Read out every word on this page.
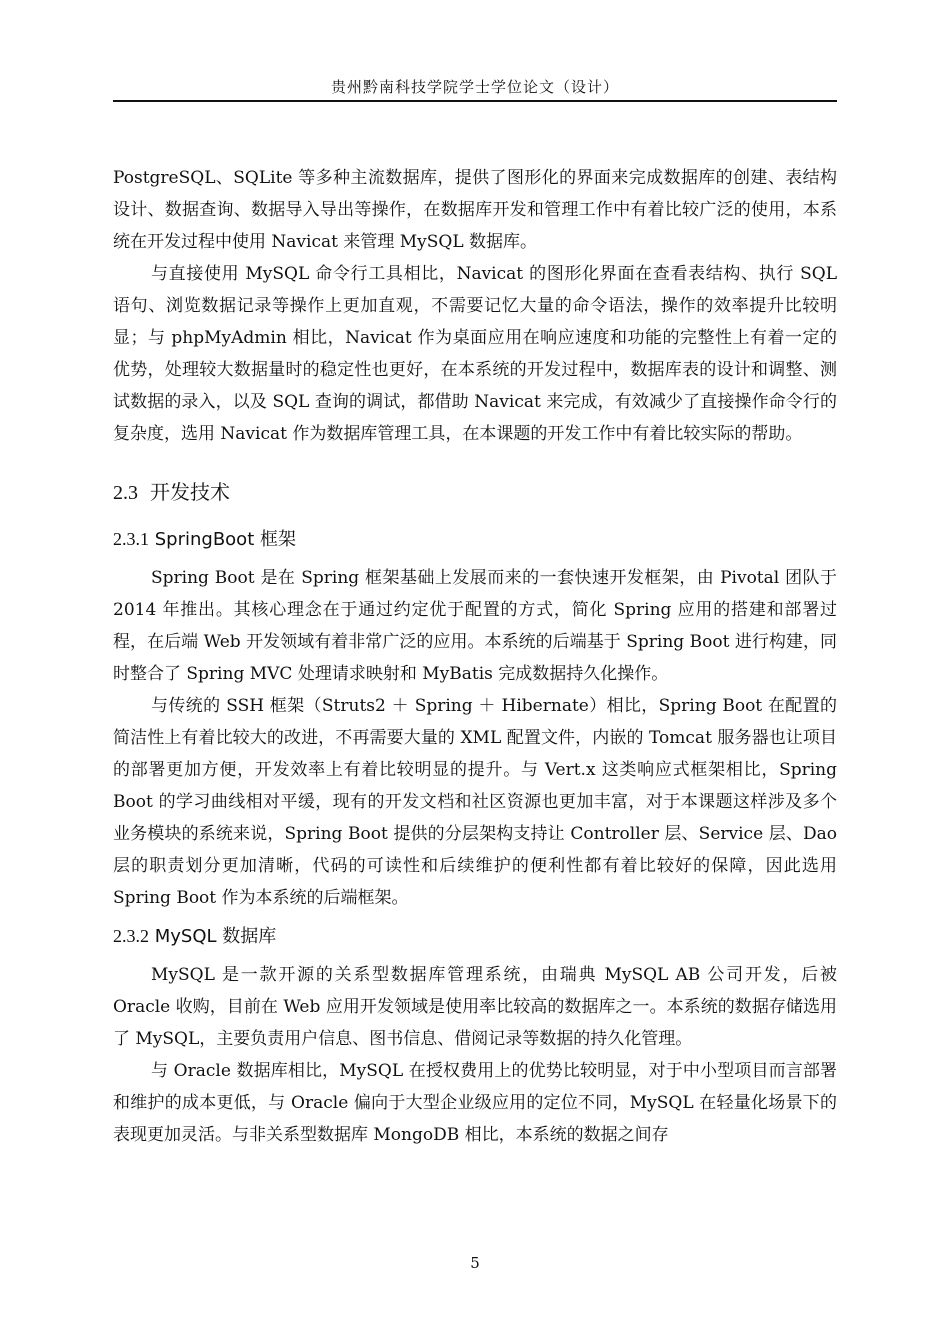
贵州黔南科技学院学士学位论文（设计）

PostgreSQL、SQLite 等多种主流数据库，提供了图形化的界面来完成数据库的创建、表结构设计、数据查询、数据导入导出等操作，在数据库开发和管理工作中有着比较广泛的使用，本系统在开发过程中使用 Navicat 来管理 MySQL 数据库。

与直接使用 MySQL 命令行工具相比，Navicat 的图形化界面在查看表结构、执行 SQL 语句、浏览数据记录等操作上更加直观，不需要记忆大量的命令语法，操作的效率提升比较明显；与 phpMyAdmin 相比，Navicat 作为桌面应用在响应速度和功能的完整性上有着一定的优势，处理较大数据量时的稳定性也更好，在本系统的开发过程中，数据库表的设计和调整、测试数据的录入，以及 SQL 查询的调试，都借助 Navicat 来完成，有效减少了直接操作命令行的复杂度，选用 Navicat 作为数据库管理工具，在本课题的开发工作中有着比较实际的帮助。

2.3 开发技术
2.3.1 SpringBoot 框架

Spring Boot 是在 Spring 框架基础上发展而来的一套快速开发框架，由 Pivotal 团队于 2014 年推出。其核心理念在于通过约定优于配置的方式，简化 Spring 应用的搭建和部署过程，在后端 Web 开发领域有着非常广泛的应用。本系统的后端基于 Spring Boot 进行构建，同时整合了 Spring MVC 处理请求映射和 MyBatis 完成数据持久化操作。

与传统的 SSH 框架（Struts2 ＋ Spring ＋ Hibernate）相比，Spring Boot 在配置的简洁性上有着比较大的改进，不再需要大量的 XML 配置文件，内嵌的 Tomcat 服务器也让项目的部署更加方便，开发效率上有着比较明显的提升。与 Vert.x 这类响应式框架相比，Spring Boot 的学习曲线相对平缓，现有的开发文档和社区资源也更加丰富，对于本课题这样涉及多个业务模块的系统来说，Spring Boot 提供的分层架构支持让 Controller 层、Service 层、Dao 层的职责划分更加清晰，代码的可读性和后续维护的便利性都有着比较好的保障，因此选用 Spring Boot 作为本系统的后端框架。

2.3.2 MySQL 数据库

MySQL 是一款开源的关系型数据库管理系统，由瑞典 MySQL AB 公司开发，后被 Oracle 收购，目前在 Web 应用开发领域是使用率比较高的数据库之一。本系统的数据存储选用了 MySQL，主要负责用户信息、图书信息、借阅记录等数据的持久化管理。

与 Oracle 数据库相比，MySQL 在授权费用上的优势比较明显，对于中小型项目而言部署和维护的成本更低，与 Oracle 偏向于大型企业级应用的定位不同，MySQL 在轻量化场景下的表现更加灵活。与非关系型数据库 MongoDB 相比，本系统的数据之间存

5
